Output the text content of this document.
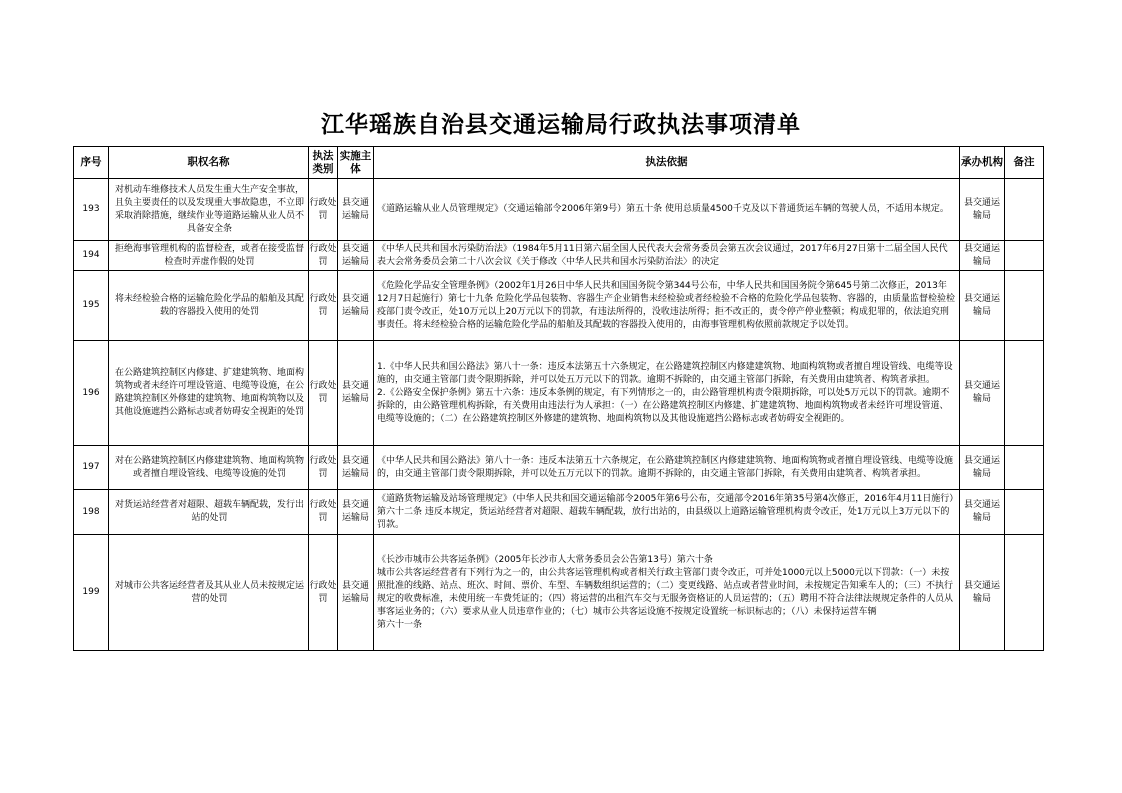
江华瑶族自治县交通运输局行政执法事项清单
序号	职权名称	执法类别	实施主体	执法依据	承办机构	备注

193	对机动车维修技术人员发生重大生产安全事故，且负主要责任的以及发现重大事故隐患，不立即采取消除措施，继续作业等道路运输从业人员不具备安全条	行政处罚	县交通运输局	《道路运输从业人员管理规定》（交通运输部令2006年第9号）第五十条 使用总质量4500千克及以下普通货运车辆的驾驶人员，不适用本规定。	县交通运输局	

194	拒绝海事管理机构的监督检查，或者在接受监督检查时弄虚作假的处罚	行政处罚	县交通运输局	《中华人民共和国水污染防治法》（1984年5月11日第六届全国人民代表大会常务委员会第五次会议通过，2017年6月27日第十二届全国人民代表大会常务委员会第二十八次会议《关于修改〈中华人民共和国水污染防治法〉的决定	县交通运输局	

195	将未经检验合格的运输危险化学品的船舶及其配载的容器投入使用的处罚	行政处罚	县交通运输局	《危险化学品安全管理条例》（2002年1月26日中华人民共和国国务院令第344号公布，中华人民共和国国务院令第645号第二次修正，2013年12月7日起施行）第七十九条 危险化学品包装物、容器生产企业销售未经检验或者经检验不合格的危险化学品包装物、容器的，由质量监督检验检疫部门责令改正，处10万元以上20万元以下的罚款，有违法所得的，没收违法所得；拒不改正的，责令停产停业整顿；构成犯罪的，依法追究刑事责任。将未经检验合格的运输危险化学品的船舶及其配载的容器投入使用的，由海事管理机构依照前款规定予以处罚。	县交通运输局	

196	在公路建筑控制区内修建、扩建建筑物、地面构筑物或者未经许可埋设管道、电缆等设施，在公路建筑控制区外修建的建筑物、地面构筑物以及其他设施遮挡公路标志或者妨碍安全视距的处罚	行政处罚	县交通运输局	1.《中华人民共和国公路法》第八十一条：违反本法第五十六条规定，在公路建筑控制区内修建建筑物、地面构筑物或者擅自埋设管线、电缆等设施的，由交通主管部门责令限期拆除，并可以处五万元以下的罚款。逾期不拆除的，由交通主管部门拆除，有关费用由建筑者、构筑者承担。
2.《公路安全保护条例》第五十六条：违反本条例的规定，有下列情形之一的，由公路管理机构责令限期拆除，可以处5万元以下的罚款。逾期不拆除的，由公路管理机构拆除，有关费用由违法行为人承担：（一）在公路建筑控制区内修建、扩建建筑物、地面构筑物或者未经许可埋设管道、电缆等设施的；（二）在公路建筑控制区外修建的建筑物、地面构筑物以及其他设施遮挡公路标志或者妨碍安全视距的。	县交通运输局	

197	对在公路建筑控制区内修建建筑物、地面构筑物或者擅自埋设管线、电缆等设施的处罚	行政处罚	县交通运输局	《中华人民共和国公路法》第八十一条：违反本法第五十六条规定，在公路建筑控制区内修建建筑物、地面构筑物或者擅自埋设管线、电缆等设施的，由交通主管部门责令限期拆除，并可以处五万元以下的罚款。逾期不拆除的，由交通主管部门拆除，有关费用由建筑者、构筑者承担。	县交通运输局	

198	对货运站经营者对超限、超载车辆配载，发行出站的处罚	行政处罚	县交通运输局	《道路货物运输及站场管理规定》（中华人民共和国交通运输部令2005年第6号公布，交通部令2016年第35号第4次修正，2016年4月11日施行）第六十二条 违反本规定，货运站经营者对超限、超载车辆配载，放行出站的，由县级以上道路运输管理机构责令改正，处1万元以上3万元以下的罚款。	县交通运输局	

199	对城市公共客运经营者及其从业人员未按规定运营的处罚	行政处罚	县交通运输局	《长沙市城市公共客运条例》（2005年长沙市人大常务委员会公告第13号）第六十条
城市公共客运经营者有下列行为之一的，由公共客运管理机构或者相关行政主管部门责令改正，可并处1000元以上5000元以下罚款：（一）未按照批准的线路、站点、班次、时间、票价、车型、车辆数组织运营的；（二）变更线路、站点或者营业时间，未按规定告知乘车人的；（三）不执行规定的收费标准，未使用统一车费凭证的；（四）将运营的出租汽车交与无服务资格证的人员运营的；（五）聘用不符合法律法规规定条件的人员从事客运业务的；（六）要求从业人员违章作业的；（七）城市公共客运设施不按规定设置统一标识标志的；（八）未保持运营车辆
第六十一条	县交通运输局	
